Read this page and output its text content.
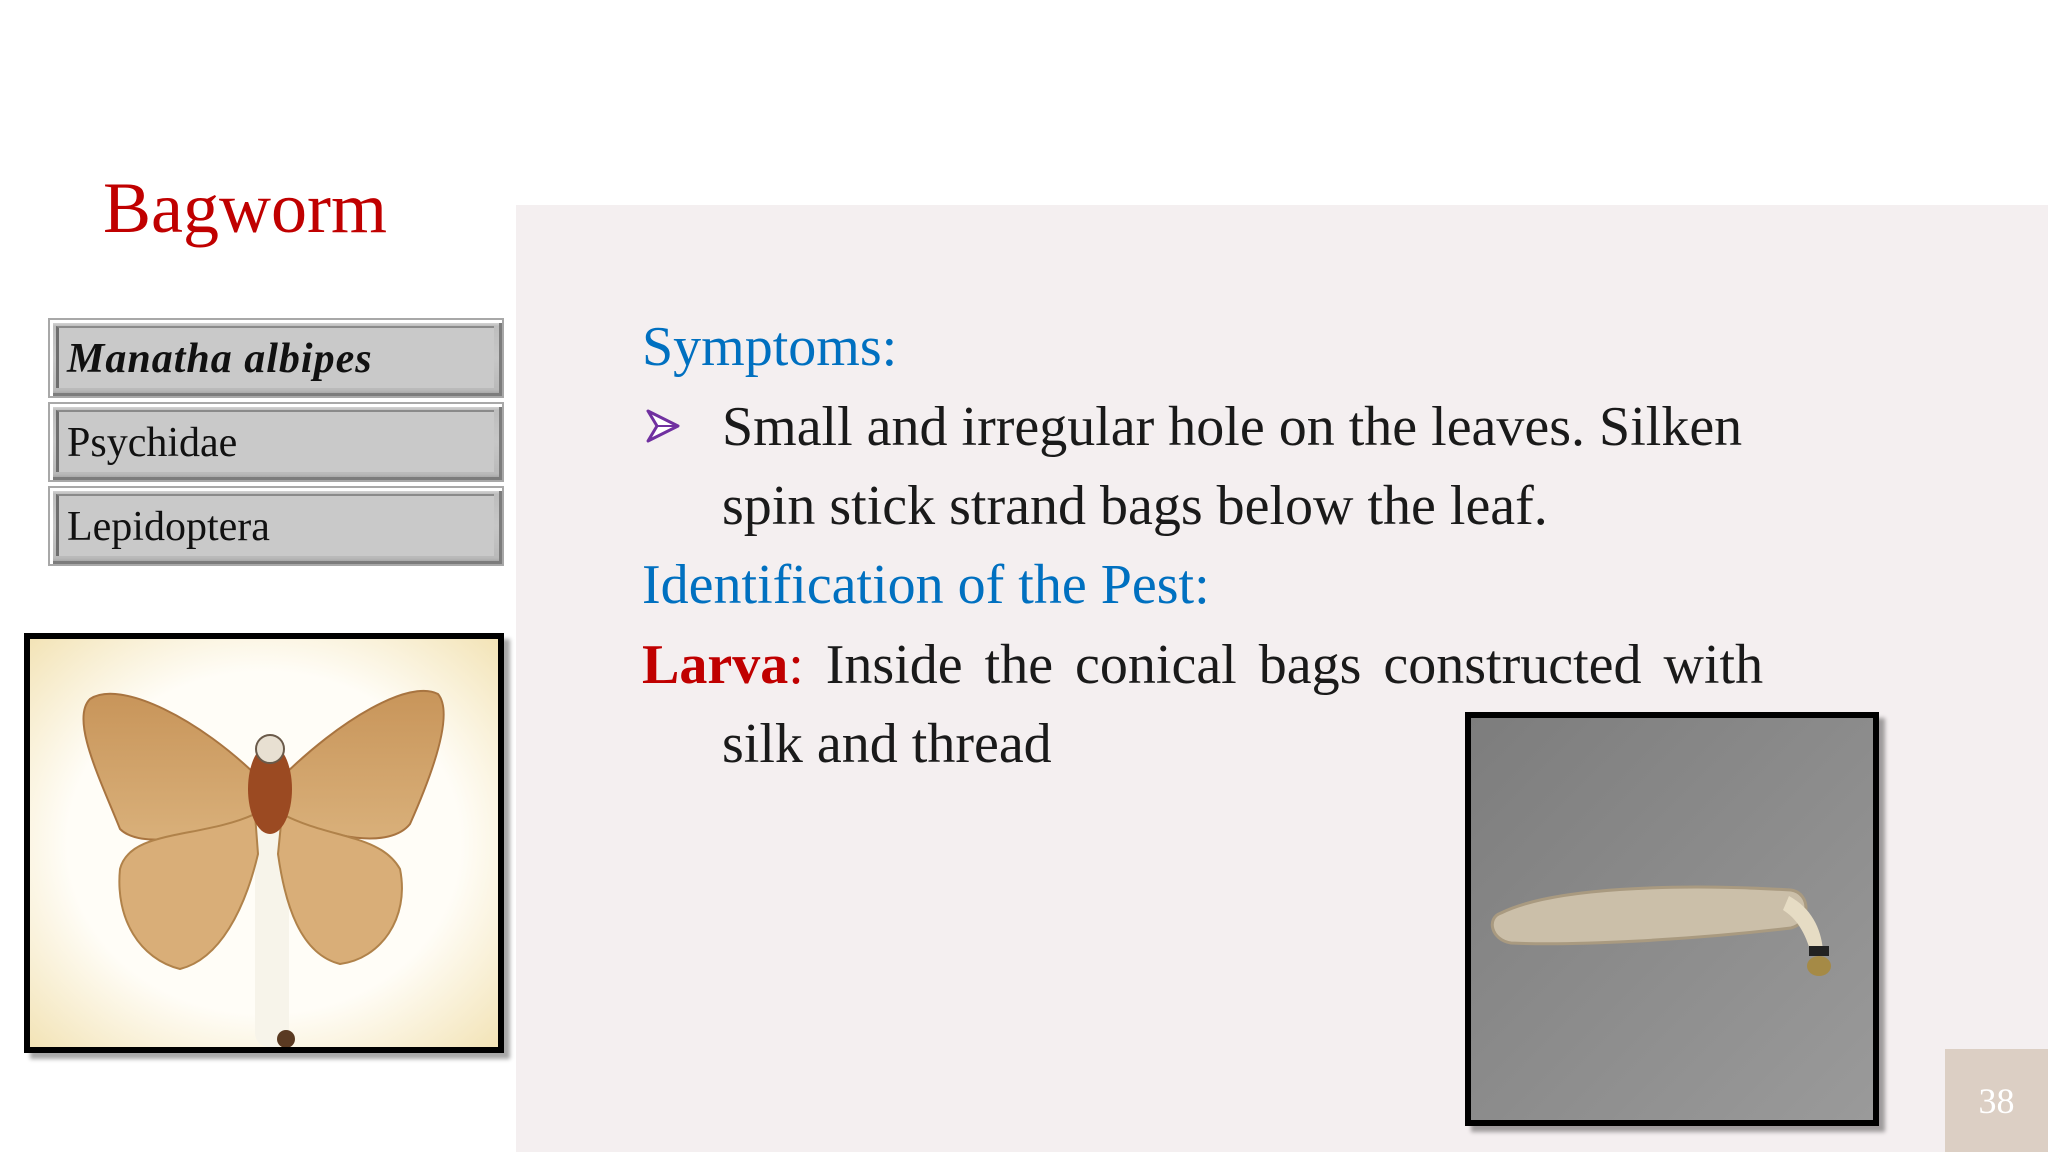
Bagworm
Manatha albipes
Psychidae
Lepidoptera
Symptoms:
Small and irregular hole on the leaves. Silken
spin stick strand bags below the leaf.
Identification of the Pest:
Larva: Inside the conical bags constructed with
silk and thread
38
